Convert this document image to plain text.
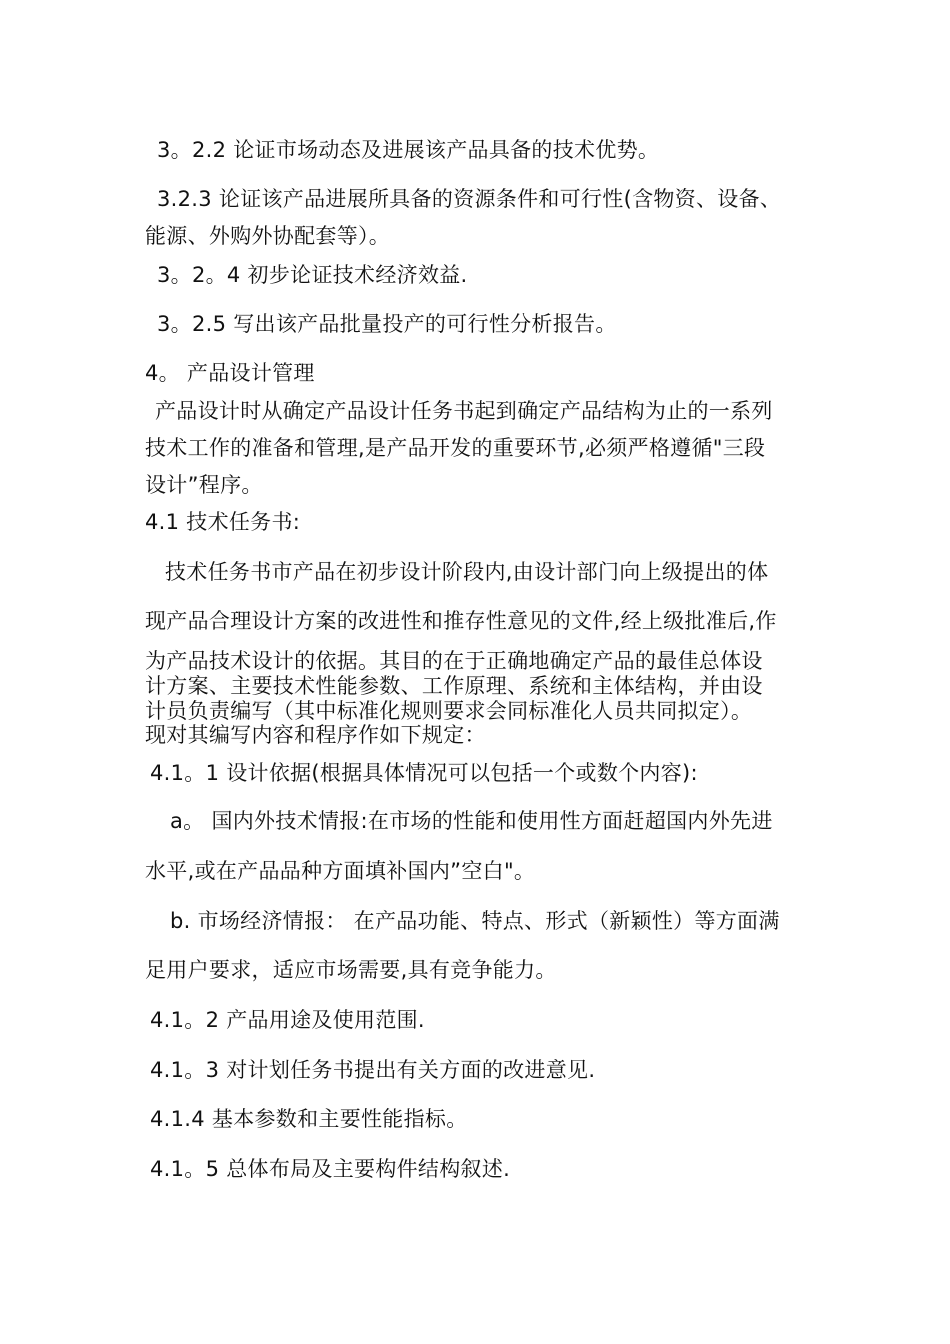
3。2.2 论证市场动态及进展该产品具备的技术优势。
3.2.3 论证该产品进展所具备的资源条件和可行性(含物资、设备、
能源、外购外协配套等）。
3。2。4 初步论证技术经济效益.
3。2.5 写出该产品批量投产的可行性分析报告。
4。 产品设计管理
产品设计时从确定产品设计任务书起到确定产品结构为止的一系列
技术工作的准备和管理,是产品开发的重要环节,必须严格遵循"三段
设计”程序。
4.1 技术任务书:
技术任务书市产品在初步设计阶段内,由设计部门向上级提出的体
现产品合理设计方案的改进性和推存性意见的文件,经上级批准后,作
为产品技术设计的依据。其目的在于正确地确定产品的最佳总体设
计方案、主要技术性能参数、工作原理、系统和主体结构，并由设
计员负责编写（其中标准化规则要求会同标准化人员共同拟定）。
现对其编写内容和程序作如下规定：
4.1。1 设计依据(根据具体情况可以包括一个或数个内容):
a。 国内外技术情报:在市场的性能和使用性方面赶超国内外先进
水平,或在产品品种方面填补国内”空白"。
b. 市场经济情报： 在产品功能、特点、形式（新颖性）等方面满
足用户要求，适应市场需要,具有竞争能力。
4.1。2 产品用途及使用范围.
4.1。3 对计划任务书提出有关方面的改进意见.
4.1.4 基本参数和主要性能指标。
4.1。5 总体布局及主要构件结构叙述.
